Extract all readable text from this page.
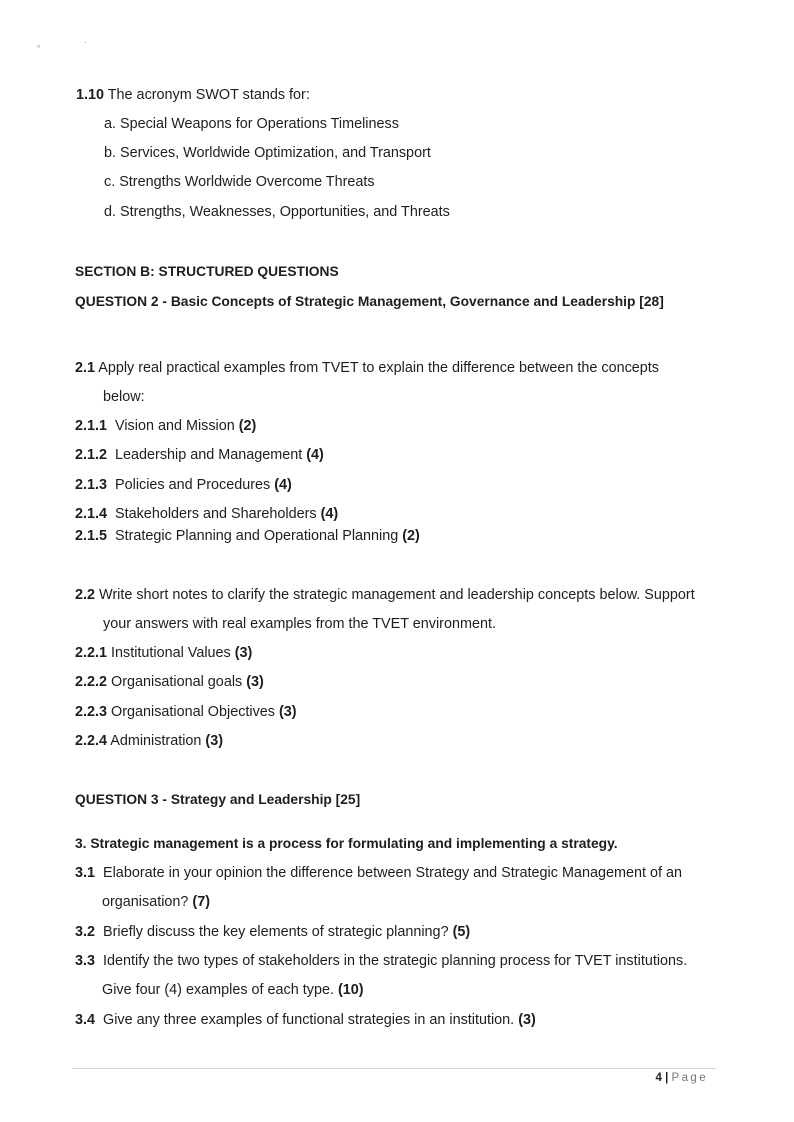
°
·
1.10 The acronym SWOT stands for:
a. Special Weapons for Operations Timeliness
b. Services, Worldwide Optimization, and Transport
c. Strengths Worldwide Overcome Threats
d. Strengths, Weaknesses, Opportunities, and Threats
SECTION B: STRUCTURED QUESTIONS
QUESTION 2 - Basic Concepts of Strategic Management, Governance and Leadership [28]
2.1 Apply real practical examples from TVET to explain the difference between the concepts
below:
2.1.1 Vision and Mission (2)
2.1.2 Leadership and Management (4)
2.1.3 Policies and Procedures (4)
2.1.4 Stakeholders and Shareholders (4)
2.1.5 Strategic Planning and Operational Planning (2)
2.2 Write short notes to clarify the strategic management and leadership concepts below. Support
your answers with real examples from the TVET environment.
2.2.1 Institutional Values (3)
2.2.2 Organisational goals (3)
2.2.3 Organisational Objectives (3)
2.2.4 Administration (3)
QUESTION 3 - Strategy and Leadership [25]
3. Strategic management is a process for formulating and implementing a strategy.
3.1 Elaborate in your opinion the difference between Strategy and Strategic Management of an
organisation? (7)
3.2 Briefly discuss the key elements of strategic planning? (5)
3.3 Identify the two types of stakeholders in the strategic planning process for TVET institutions.
Give four (4) examples of each type. (10)
3.4 Give any three examples of functional strategies in an institution. (3)
4 | Page
